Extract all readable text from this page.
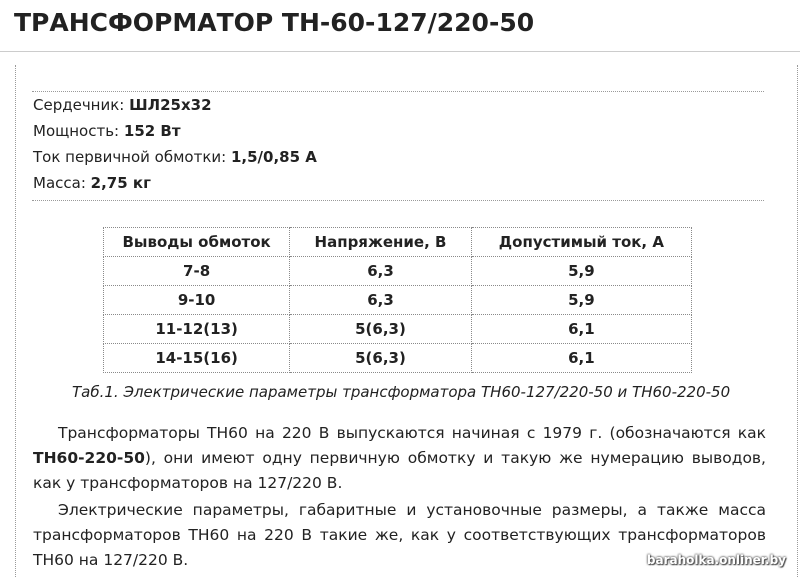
ТРАНСФОРМАТОР ТН-60-127/220-50
Сердечник: ШЛ25х32
Мощность: 152 Вт
Ток первичной обмотки: 1,5/0,85 А
Масса: 2,75 кг
Выводы обмоток	Напряжение, В	Допустимый ток, А
7-8	6,3	5,9
9-10	6,3	5,9
11-12(13)	5(6,3)	6,1
14-15(16)	5(6,3)	6,1
Таб.1. Электрические параметры трансформатора ТН60-127/220-50 и ТН60-220-50

Трансформаторы ТН60 на 220 В выпускаются начиная с 1979 г. (обозначаются как ТН60-220-50), они имеют одну первичную обмотку и такую же нумерацию выводов, как у трансформаторов на 127/220 В.

Электрические параметры, габаритные и установочные размеры, а также масса трансформаторов ТН60 на 220 В такие же, как у соответствующих трансформаторов ТН60 на 127/220 В.	baraholka.onliner.by
